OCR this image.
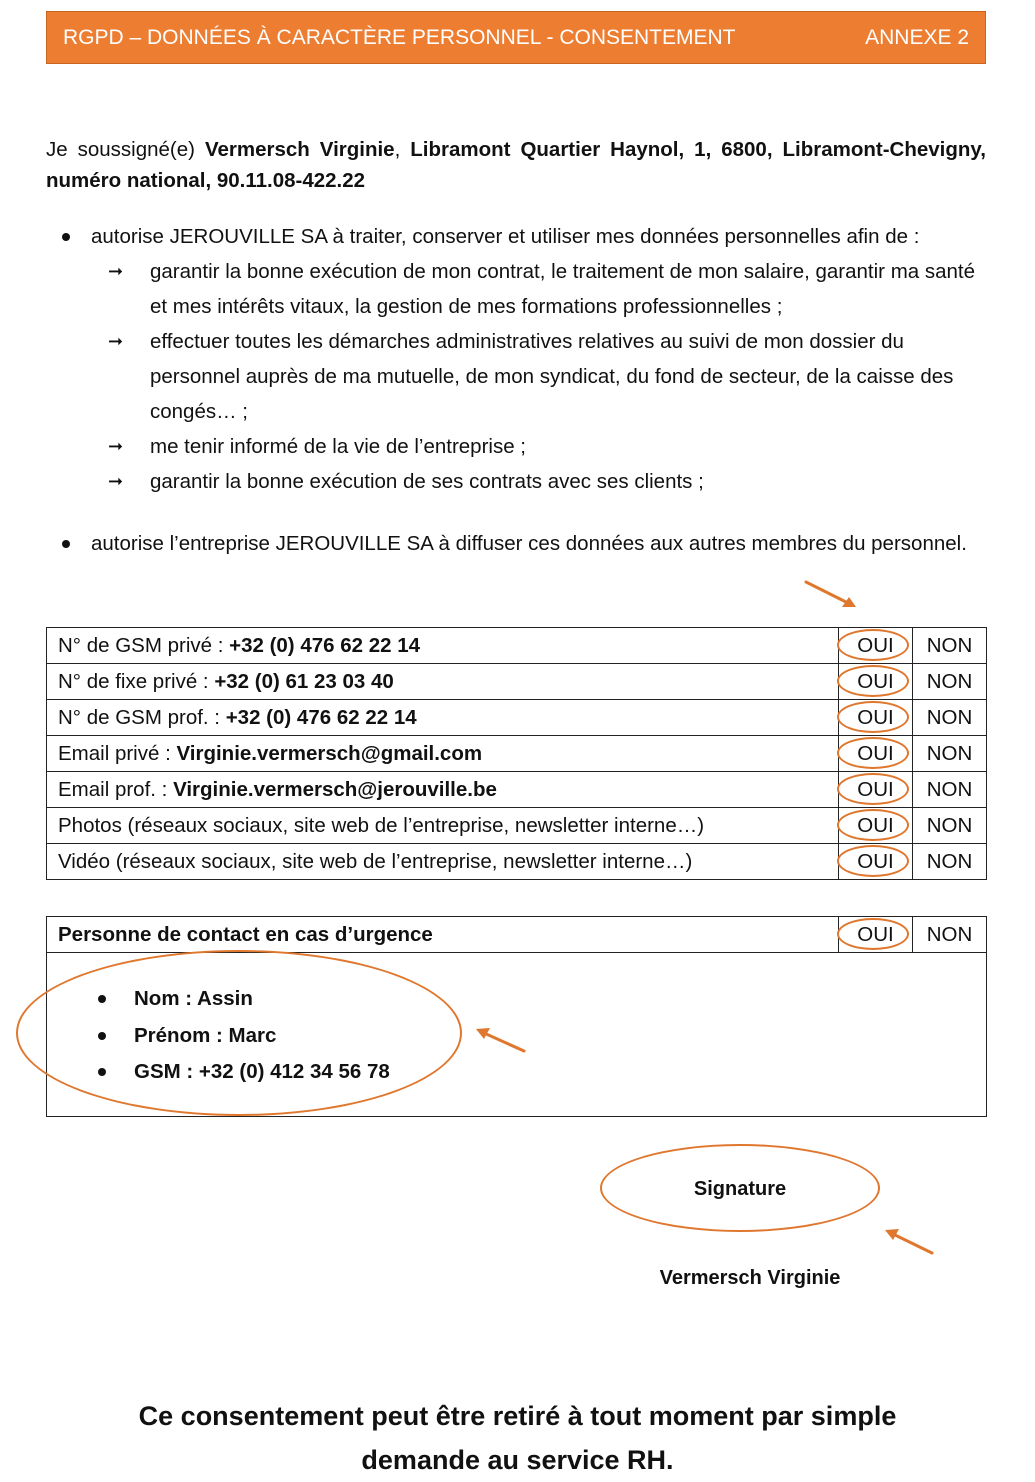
RGPD – DONNÉES À CARACTÈRE PERSONNEL - CONSENTEMENT	ANNEXE 2
Je soussigné(e) Vermersch Virginie, Libramont Quartier Haynol, 1, 6800, Libramont-Chevigny, numéro national, 90.11.08-422.22
autorise JEROUVILLE SA à traiter, conserver et utiliser mes données personnelles afin de :
➞ garantir la bonne exécution de mon contrat, le traitement de mon salaire, garantir ma santé et mes intérêts vitaux, la gestion de mes formations professionnelles ;
➞ effectuer toutes les démarches administratives relatives au suivi de mon dossier du personnel auprès de ma mutuelle, de mon syndicat, du fond de secteur, de la caisse des congés… ;
➞ me tenir informé de la vie de l’entreprise ;
➞ garantir la bonne exécution de ses contrats avec ses clients ;
autorise l’entreprise JEROUVILLE SA à diffuser ces données aux autres membres du personnel.
N° de GSM privé : +32 (0) 476 62 22 14	OUI	NON
N° de fixe privé : +32 (0) 61 23 03 40	OUI	NON
N° de GSM prof. : +32 (0) 476 62 22 14	OUI	NON
Email privé : Virginie.vermersch@gmail.com	OUI	NON
Email prof. : Virginie.vermersch@jerouville.be	OUI	NON
Photos (réseaux sociaux, site web de l’entreprise, newsletter interne…)	OUI	NON
Vidéo (réseaux sociaux, site web de l’entreprise, newsletter interne…)	OUI	NON
Personne de contact en cas d’urgence	OUI	NON
Nom : Assin
Prénom : Marc
GSM : +32 (0) 412 34 56 78
Signature
Vermersch Virginie
Ce consentement peut être retiré à tout moment par simple
demande au service RH.
